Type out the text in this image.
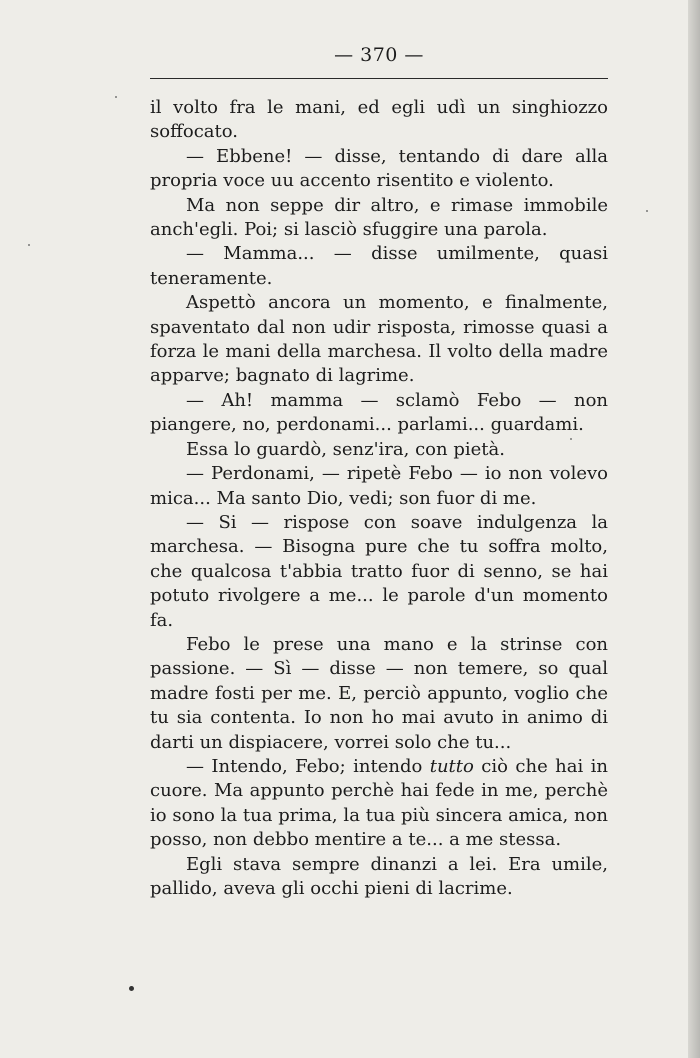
— 370 —

il volto fra le mani, ed egli udì un singhiozzo soffocato.

— Ebbene! — disse, tentando di dare alla propria voce uu accento risentito e violento.

Ma non seppe dir altro, e rimase immobile anch'egli. Poi; si lasciò sfuggire una parola.

— Mamma... — disse umilmente, quasi teneramente.

Aspettò ancora un momento, e finalmente, spaventato dal non udir risposta, rimosse quasi a forza le mani della marchesa. Il volto della madre apparve; bagnato di lagrime.

— Ah! mamma — sclamò Febo — non piangere, no, perdonami... parlami... guardami.

Essa lo guardò, senz'ira, con pietà.

— Perdonami, — ripetè Febo — io non volevo mica... Ma santo Dio, vedi; son fuor di me.

— Si — rispose con soave indulgenza la marchesa. — Bisogna pure che tu soffra molto, che qualcosa t'abbia tratto fuor di senno, se hai potuto rivolgere a me... le parole d'un momento fa.

Febo le prese una mano e la strinse con passione. — Sì — disse — non temere, so qual madre fosti per me. E, perciò appunto, voglio che tu sia contenta. Io non ho mai avuto in animo di darti un dispiacere, vorrei solo che tu...

— Intendo, Febo; intendo tutto ciò che hai in cuore. Ma appunto perchè hai fede in me, perchè io sono la tua prima, la tua più sincera amica, non posso, non debbo mentire a te... a me stessa.

Egli stava sempre dinanzi a lei. Era umile, pallido, aveva gli occhi pieni di lacrime.
